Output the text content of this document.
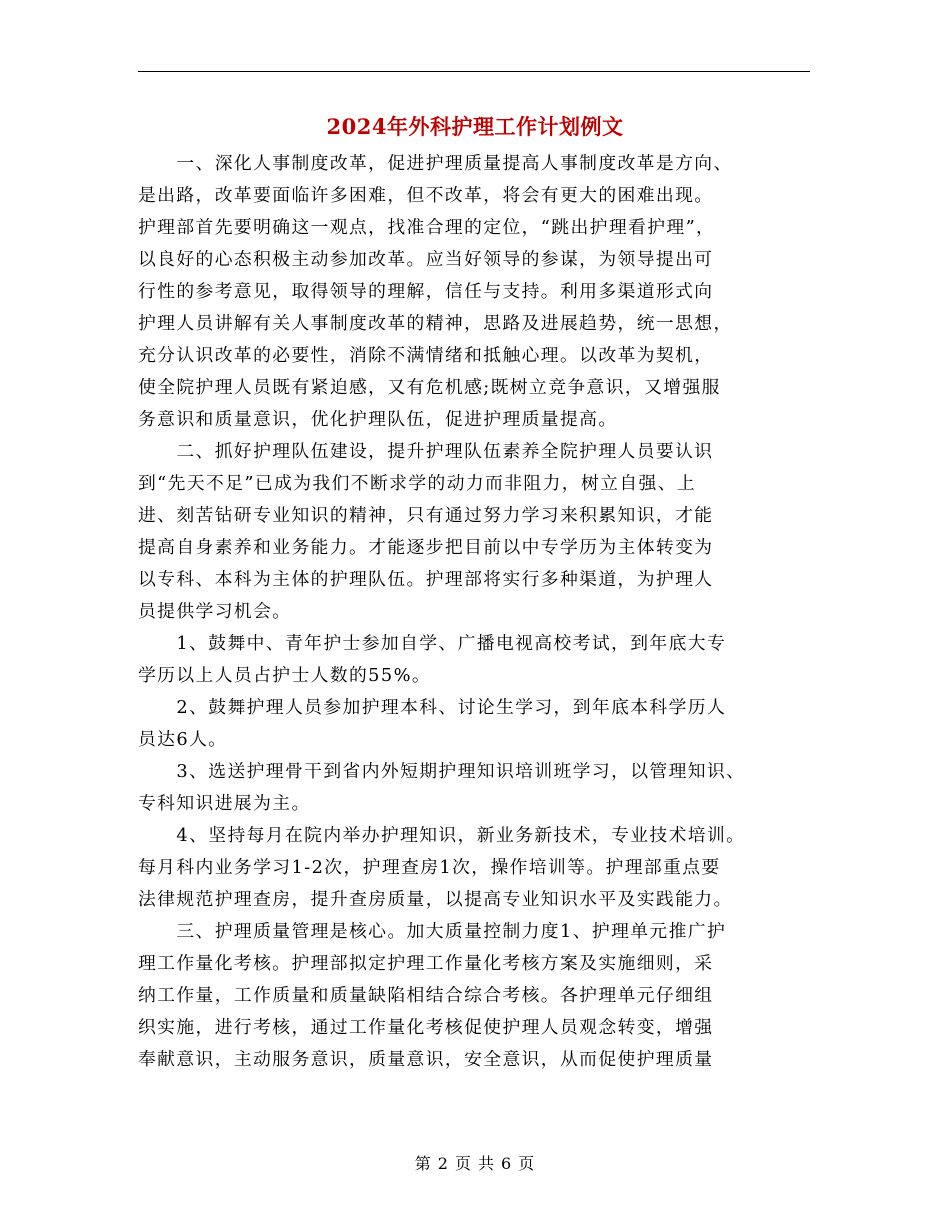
2024年外科护理工作计划例文
　　一、深化人事制度改革，促进护理质量提高人事制度改革是方向、
是出路，改革要面临许多困难，但不改革，将会有更大的困难出现。
护理部首先要明确这一观点，找准合理的定位，“跳出护理看护理”，
以良好的心态积极主动参加改革。应当好领导的参谋，为领导提出可
行性的参考意见，取得领导的理解，信任与支持。利用多渠道形式向
护理人员讲解有关人事制度改革的精神，思路及进展趋势，统一思想，
充分认识改革的必要性，消除不满情绪和抵触心理。以改革为契机，
使全院护理人员既有紧迫感，又有危机感;既树立竞争意识，又增强服
务意识和质量意识，优化护理队伍，促进护理质量提高。
　　二、抓好护理队伍建设，提升护理队伍素养全院护理人员要认识
到“先天不足”已成为我们不断求学的动力而非阻力，树立自强、上
进、刻苦钻研专业知识的精神，只有通过努力学习来积累知识，才能
提高自身素养和业务能力。才能逐步把目前以中专学历为主体转变为
以专科、本科为主体的护理队伍。护理部将实行多种渠道，为护理人
员提供学习机会。
　　1、鼓舞中、青年护士参加自学、广播电视高校考试，到年底大专
学历以上人员占护士人数的55%。
　　2、鼓舞护理人员参加护理本科、讨论生学习，到年底本科学历人
员达6人。
　　3、选送护理骨干到省内外短期护理知识培训班学习，以管理知识、
专科知识进展为主。
　　4、坚持每月在院内举办护理知识，新业务新技术，专业技术培训。
每月科内业务学习1-2次，护理查房1次，操作培训等。护理部重点要
法律规范护理查房，提升查房质量，以提高专业知识水平及实践能力。
　　三、护理质量管理是核心。加大质量控制力度1、护理单元推广护
理工作量化考核。护理部拟定护理工作量化考核方案及实施细则，采
纳工作量，工作质量和质量缺陷相结合综合考核。各护理单元仔细组
织实施，进行考核，通过工作量化考核促使护理人员观念转变，增强
奉献意识，主动服务意识，质量意识，安全意识，从而促使护理质量
第 2 页 共 6 页
